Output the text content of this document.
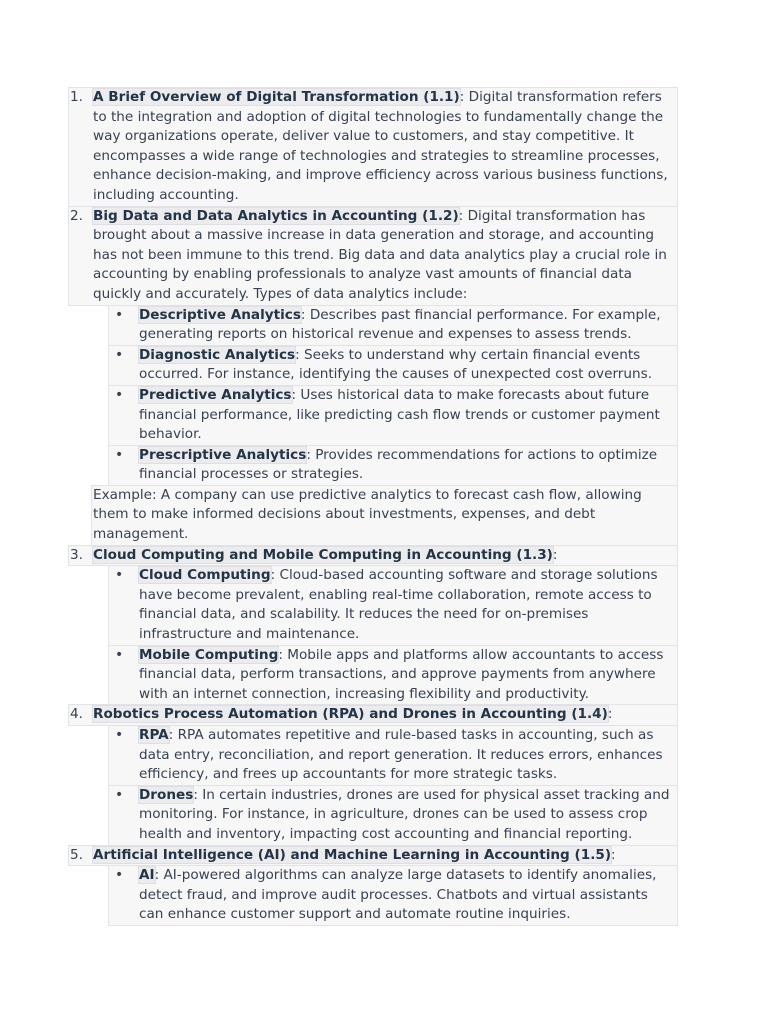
1. A Brief Overview of Digital Transformation (1.1): Digital transformation refers to the integration and adoption of digital technologies to fundamentally change the way organizations operate, deliver value to customers, and stay competitive. It encompasses a wide range of technologies and strategies to streamline processes, enhance decision-making, and improve efficiency across various business functions, including accounting.
2. Big Data and Data Analytics in Accounting (1.2): Digital transformation has brought about a massive increase in data generation and storage, and accounting has not been immune to this trend. Big data and data analytics play a crucial role in accounting by enabling professionals to analyze vast amounts of financial data quickly and accurately. Types of data analytics include:
• Descriptive Analytics: Describes past financial performance. For example, generating reports on historical revenue and expenses to assess trends.
• Diagnostic Analytics: Seeks to understand why certain financial events occurred. For instance, identifying the causes of unexpected cost overruns.
• Predictive Analytics: Uses historical data to make forecasts about future financial performance, like predicting cash flow trends or customer payment behavior.
• Prescriptive Analytics: Provides recommendations for actions to optimize financial processes or strategies.
Example: A company can use predictive analytics to forecast cash flow, allowing them to make informed decisions about investments, expenses, and debt management.
3. Cloud Computing and Mobile Computing in Accounting (1.3):
• Cloud Computing: Cloud-based accounting software and storage solutions have become prevalent, enabling real-time collaboration, remote access to financial data, and scalability. It reduces the need for on-premises infrastructure and maintenance.
• Mobile Computing: Mobile apps and platforms allow accountants to access financial data, perform transactions, and approve payments from anywhere with an internet connection, increasing flexibility and productivity.
4. Robotics Process Automation (RPA) and Drones in Accounting (1.4):
• RPA: RPA automates repetitive and rule-based tasks in accounting, such as data entry, reconciliation, and report generation. It reduces errors, enhances efficiency, and frees up accountants for more strategic tasks.
• Drones: In certain industries, drones are used for physical asset tracking and monitoring. For instance, in agriculture, drones can be used to assess crop health and inventory, impacting cost accounting and financial reporting.
5. Artificial Intelligence (AI) and Machine Learning in Accounting (1.5):
• AI: AI-powered algorithms can analyze large datasets to identify anomalies, detect fraud, and improve audit processes. Chatbots and virtual assistants can enhance customer support and automate routine inquiries.
